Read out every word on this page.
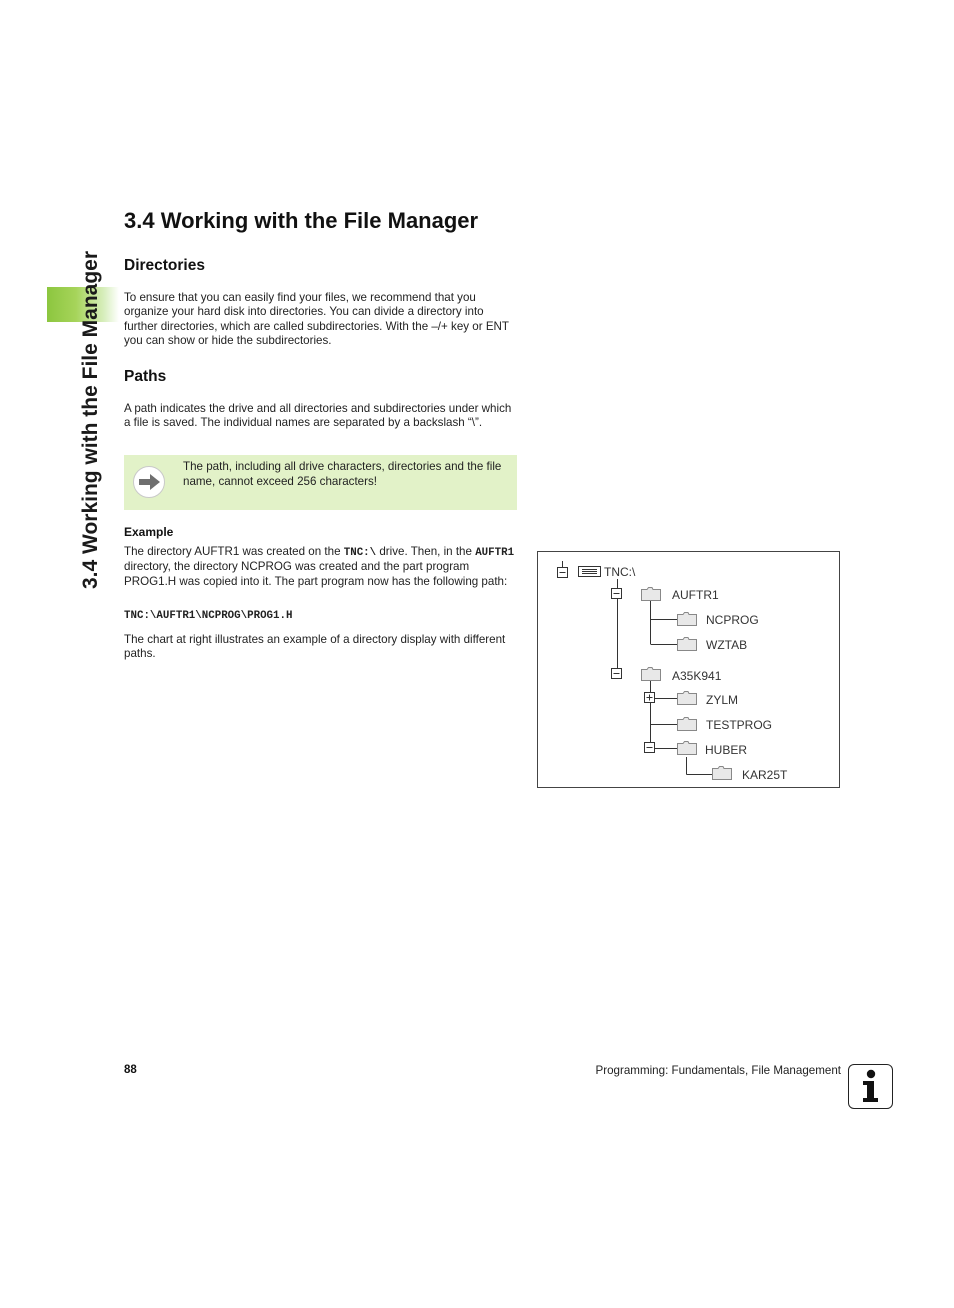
3.4 Working with the File Manager
3.4 Working with the File Manager
Directories

To ensure that you can easily find your files, we recommend that you organize your hard disk into directories. You can divide a directory into further directories, which are called subdirectories. With the –/+ key or ENT you can show or hide the subdirectories.

Paths

A path indicates the drive and all directories and subdirectories under which a file is saved. The individual names are separated by a backslash “\”.

The path, including all drive characters, directories and the file name, cannot exceed 256 characters!
Example

The directory AUFTR1 was created on the TNC:\ drive. Then, in the AUFTR1 directory, the directory NCPROG was created and the part program PROG1.H was copied into it. The part program now has the following path:

TNC:\AUFTR1\NCPROG\PROG1.H

The chart at right illustrates an example of a directory display with different paths.

TNC:\
AUFTR1
NCPROG
WZTAB
A35K941
ZYLM
TESTPROG
HUBER
KAR25T
88	Programming: Fundamentals, File Management
